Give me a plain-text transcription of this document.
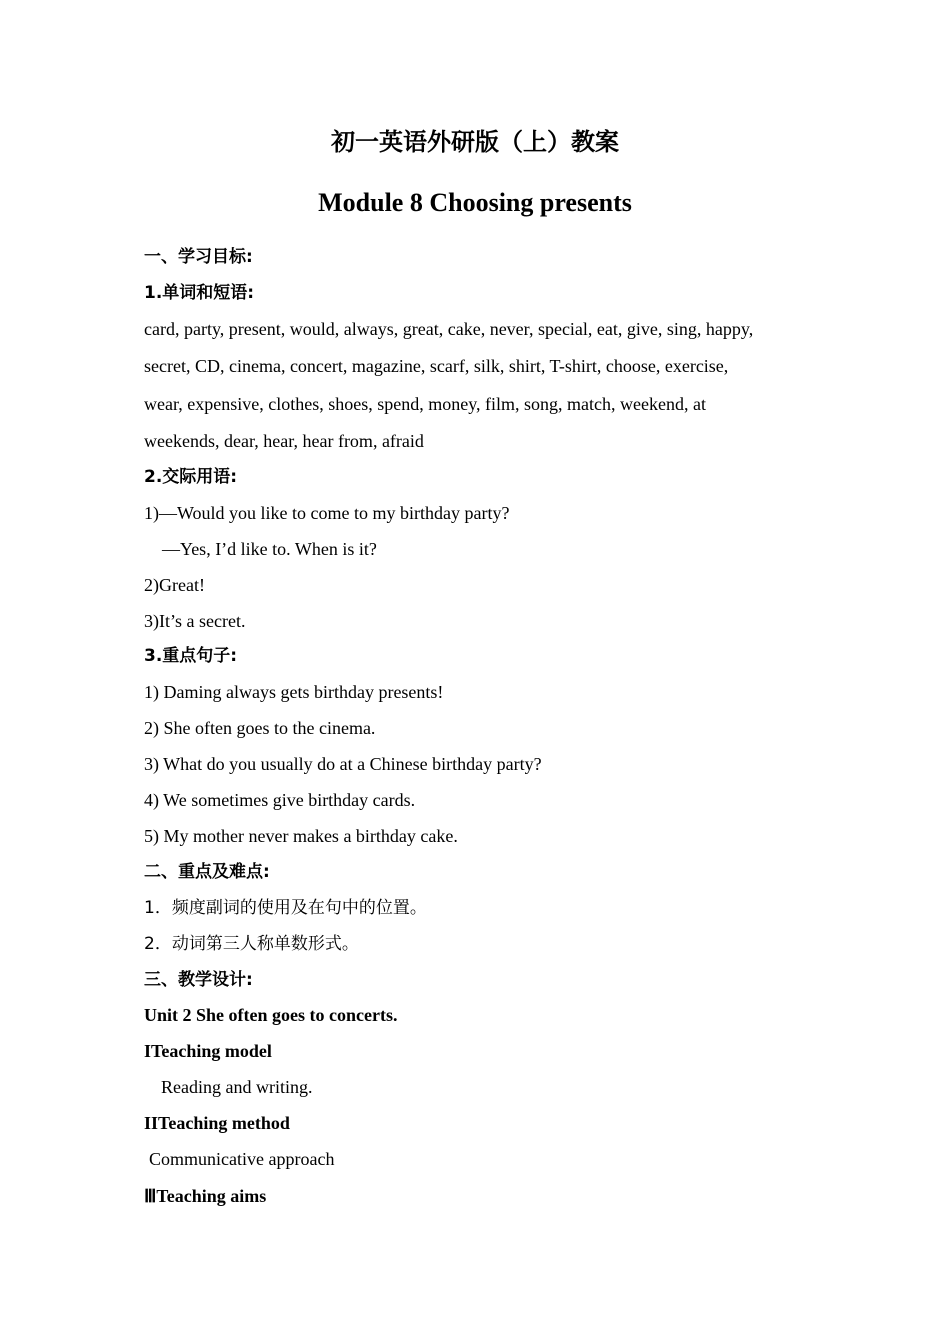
初一英语外研版（上）教案
Module 8 Choosing presents
一、学习目标:
1.单词和短语:
card, party, present, would, always, great, cake, never, special, eat, give, sing, happy,
secret, CD, cinema, concert, magazine, scarf, silk, shirt, T-shirt, choose, exercise,
wear, expensive, clothes, shoes, spend, money, film, song, match, weekend, at
weekends, dear, hear, hear from, afraid
2.交际用语:
1)—Would you like to come to my birthday party?
—Yes, I’d like to. When is it?
2)Great!
3)It’s a secret.
3.重点句子:
1) Daming always gets birthday presents!
2) She often goes to the cinema.
3) What do you usually do at a Chinese birthday party?
4) We sometimes give birthday cards.
5) My mother never makes a birthday cake.
二、重点及难点:
1．频度副词的使用及在句中的位置。
2．动词第三人称单数形式。
三、教学设计:
Unit 2 She often goes to concerts.
ITeaching model
Reading and writing.
IITeaching method
Communicative approach
ⅢTeaching aims
